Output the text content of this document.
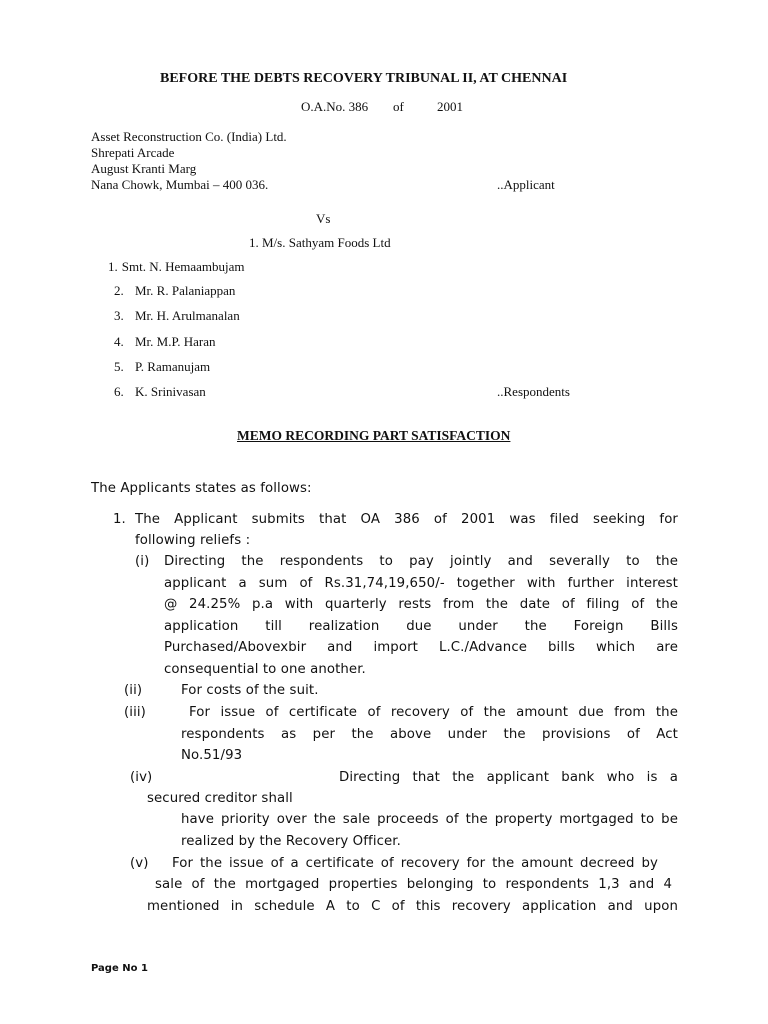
BEFORE THE DEBTS RECOVERY TRIBUNAL II, AT CHENNAI
O.A.No. 386 of	2001
Asset Reconstruction Co. (India) Ltd.
Shrepati Arcade
August Kranti Marg
Nana Chowk, Mumbai – 400 036.	..Applicant
Vs
1. M/s. Sathyam Foods Ltd
1. Smt. N. Hemaambujam
2. Mr. R. Palaniappan
3. Mr. H. Arulmanalan
4. Mr. M.P. Haran
5. P. Ramanujam
6. K. Srinivasan	..Respondents
MEMO RECORDING PART SATISFACTION
The Applicants states as follows:
1. The Applicant submits that OA 386 of 2001 was filed seeking for
following reliefs :
(i) Directing the respondents to pay jointly and severally to the
applicant a sum of Rs.31,74,19,650/- together with further interest
@ 24.25% p.a with quarterly rests from the date of filing of the
application till realization due under the Foreign Bills
Purchased/Abovexbir and import L.C./Advance bills which are
consequential to one another.
(ii)	For costs of the suit.
(iii)	For issue of certificate of recovery of the amount due from the
respondents as per the above under the provisions of Act
No.51/93
(iv)	Directing that the applicant bank who is a
secured creditor shall
have priority over the sale proceeds of the property mortgaged to be
realized by the Recovery Officer.
(v) For the issue of a certificate of recovery for the amount decreed by
sale of the mortgaged properties belonging to respondents 1,3 and 4
mentioned in schedule A to C of this recovery application and upon
Page No 1
